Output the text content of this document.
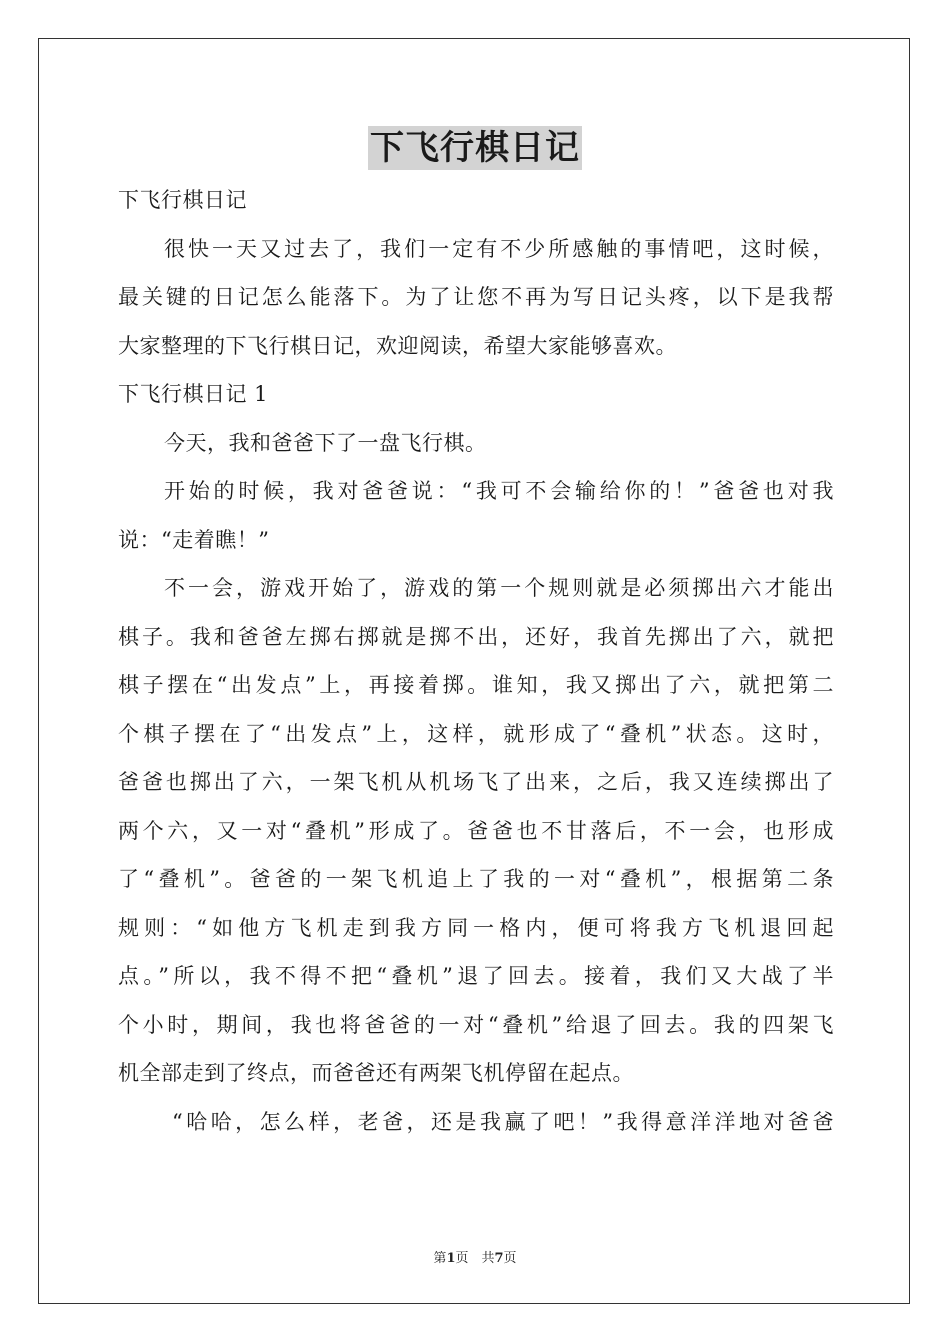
下飞行棋日记
下飞行棋日记
很快一天又过去了，我们一定有不少所感触的事情吧，这时候，
最关键的日记怎么能落下。为了让您不再为写日记头疼，以下是我帮
大家整理的下飞行棋日记，欢迎阅读，希望大家能够喜欢。
下飞行棋日记 1
今天，我和爸爸下了一盘飞行棋。
开始的时候，我对爸爸说：“我可不会输给你的！”爸爸也对我
说：“走着瞧！”
不一会，游戏开始了，游戏的第一个规则就是必须掷出六才能出
棋子。我和爸爸左掷右掷就是掷不出，还好，我首先掷出了六，就把
棋子摆在“出发点”上，再接着掷。谁知，我又掷出了六，就把第二
个棋子摆在了“出发点”上，这样，就形成了“叠机”状态。这时，
爸爸也掷出了六，一架飞机从机场飞了出来，之后，我又连续掷出了
两个六，又一对“叠机”形成了。爸爸也不甘落后，不一会，也形成
了“叠机”。爸爸的一架飞机追上了我的一对“叠机”，根据第二条
规则：“如他方飞机走到我方同一格内，便可将我方飞机退回起
点。”所以，我不得不把“叠机”退了回去。接着，我们又大战了半
个小时，期间，我也将爸爸的一对“叠机”给退了回去。我的四架飞
机全部走到了终点，而爸爸还有两架飞机停留在起点。
“哈哈，怎么样，老爸，还是我赢了吧！”我得意洋洋地对爸爸
第1页　共7页
